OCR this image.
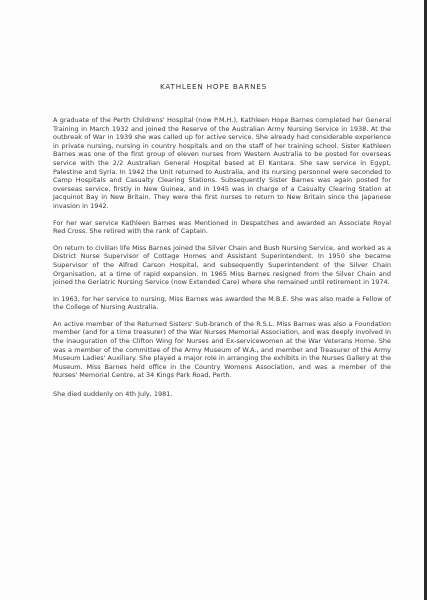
KATHLEEN HOPE BARNES

A graduate of the Perth Childrens' Hospital (now P.M.H.), Kathleen Hope Barnes completed her General Training in March 1932 and joined the Reserve of the Australian Army Nursing Service in 1938. At the outbreak of War in 1939 she was called up for active service. She already had considerable experience in private nursing, nursing in country hospitals and on the staff of her training school. Sister Kathleen Barnes was one of the first group of eleven nurses from Western Australia to be posted for overseas service with the 2/2 Australian General Hospital based at El Kantara. She saw service in Egypt, Palestine and Syria. In 1942 the Unit returned to Australia, and its nursing personnel were seconded to Camp Hospitals and Casualty Clearing Stations. Subsequently Sister Barnes was again posted for overseas service, firstly in New Guinea, and in 1945 was in charge of a Casualty Clearing Station at Jacquinot Bay in New Britain. They were the first nurses to return to New Britain since the Japanese invasion in 1942.

For her war service Kathleen Barnes was Mentioned in Despatches and awarded an Associate Royal Red Cross. She retired with the rank of Captain.

On return to civilian life Miss Barnes joined the Silver Chain and Bush Nursing Service, and worked as a District Nurse Supervisor of Cottage Homes and Assistant Superintendent. In 1950 she became Supervisor of the Alfred Carson Hospital, and subsequently Superintendent of the Silver Chain Organisation, at a time of rapid expansion. In 1965 Miss Barnes resigned from the Silver Chain and joined the Geriatric Nursing Service (now Extended Care) where she remained until retirement in 1974.

In 1963, for her service to nursing, Miss Barnes was awarded the M.B.E. She was also made a Fellow of the College of Nursing Australia.

An active member of the Returned Sisters' Sub-branch of the R.S.L. Miss Barnes was also a Foundation member (and for a time treasurer) of the War Nurses Memorial Association, and was deeply involved in the inauguration of the Clifton Wing for Nurses and Ex-servicewomen at the War Veterans Home. She was a member of the committee of the Army Museum of W.A., and member and Treasurer of the Army Museum Ladies' Auxiliary. She played a major role in arranging the exhibits in the Nurses Gallery at the Museum. Miss Barnes held office in the Country Womens Association, and was a member of the Nurses' Memorial Centre, at 34 Kings Park Road, Perth.

She died suddenly on 4th July, 1981.
